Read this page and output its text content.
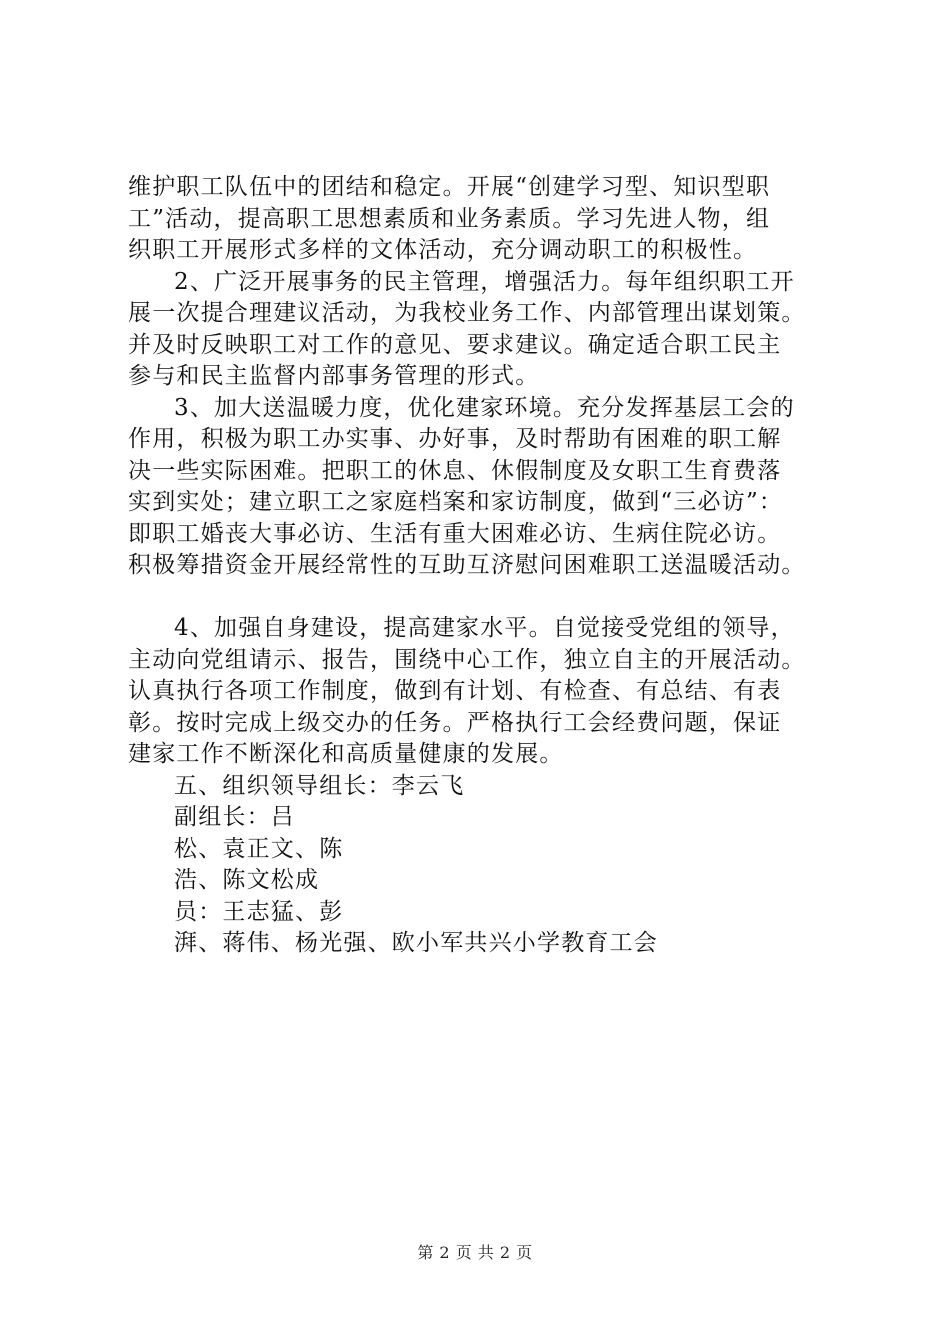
维护职工队伍中的团结和稳定。开展“创建学习型、知识型职
工”活动，提高职工思想素质和业务素质。学习先进人物，组
织职工开展形式多样的文体活动，充分调动职工的积极性。
2、广泛开展事务的民主管理，增强活力。每年组织职工开
展一次提合理建议活动，为我校业务工作、内部管理出谋划策。
并及时反映职工对工作的意见、要求建议。确定适合职工民主
参与和民主监督内部事务管理的形式。
3、加大送温暖力度，优化建家环境。充分发挥基层工会的
作用，积极为职工办实事、办好事，及时帮助有困难的职工解
决一些实际困难。把职工的休息、休假制度及女职工生育费落
实到实处；建立职工之家庭档案和家访制度，做到“三必访”：
即职工婚丧大事必访、生活有重大困难必访、生病住院必访。
积极筹措资金开展经常性的互助互济慰问困难职工送温暖活动。
4、加强自身建设，提高建家水平。自觉接受党组的领导，
主动向党组请示、报告，围绕中心工作，独立自主的开展活动。
认真执行各项工作制度，做到有计划、有检查、有总结、有表
彰。按时完成上级交办的任务。严格执行工会经费问题，保证
建家工作不断深化和高质量健康的发展。
五、组织领导组长：李云飞
副组长：吕
松、袁正文、陈
浩、陈文松成
员：王志猛、彭
湃、蒋伟、杨光强、欧小军共兴小学教育工会
第 2 页 共 2 页
